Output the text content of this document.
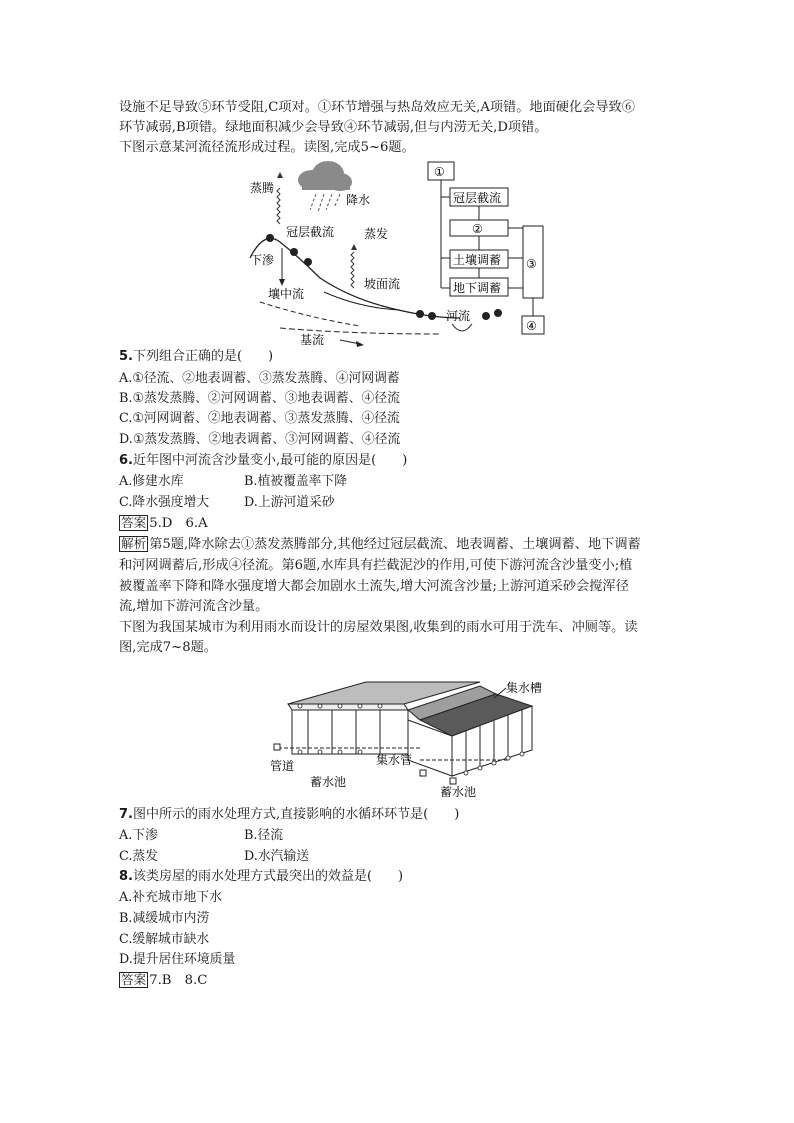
设施不足导致⑤环节受阻,C项对。①环节增强与热岛效应无关,A项错。地面硬化会导致⑥
环节减弱,B项错。绿地面积减少会导致④环节减弱,但与内涝无关,D项错。
下图示意某河流径流形成过程。读图,完成5~6题。
蒸腾
降水
冠层截流 蒸发
下渗
壤中流
坡面流
河流
基流
①
冠层截流
②
土壤调蓄
地下调蓄
③
④
5.下列组合正确的是(　　)
A.①径流、②地表调蓄、③蒸发蒸腾、④河网调蓄
B.①蒸发蒸腾、②河网调蓄、③地表调蓄、④径流
C.①河网调蓄、②地表调蓄、③蒸发蒸腾、④径流
D.①蒸发蒸腾、②地表调蓄、③河网调蓄、④径流
6.近年图中河流含沙量变小,最可能的原因是(　　)
A.修建水库	B.植被覆盖率下降
C.降水强度增大	D.上游河道采砂
答案 5.D　6.A
解析 第5题,降水除去①蒸发蒸腾部分,其他经过冠层截流、地表调蓄、土壤调蓄、地下调蓄
和河网调蓄后,形成④径流。第6题,水库具有拦截泥沙的作用,可使下游河流含沙量变小;植
被覆盖率下降和降水强度增大都会加剧水土流失,增大河流含沙量;上游河道采砂会搅浑径
流,增加下游河流含沙量。
下图为我国某城市为利用雨水而设计的房屋效果图,收集到的雨水可用于洗车、冲厕等。读
图,完成7~8题。
集水槽
管道	集水管
蓄水池
蓄水池
7.图中所示的雨水处理方式,直接影响的水循环环节是(　　)
A.下渗	B.径流
C.蒸发	D.水汽输送
8.该类房屋的雨水处理方式最突出的效益是(　　)
A.补充城市地下水
B.减缓城市内涝
C.缓解城市缺水
D.提升居住环境质量
答案 7.B　8.C
